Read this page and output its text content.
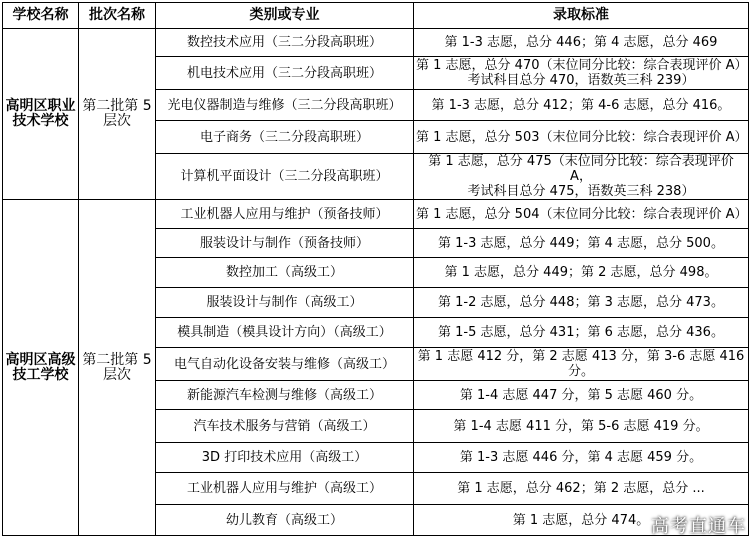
学校名称	批次名称	类别或专业	录取标准
高明区职业技术学校	第二批第 5 层次	数控技术应用（三二分段高职班）	第 1-3 志愿，总分 446；第 4 志愿，总分 469

		机电技术应用（三二分段高职班）	第 1 志愿，总分 470（末位同分比较：综合表现评价 A）
考试科目总分 470，语数英三科 239）

		光电仪器制造与维修（三二分段高职班）	第 1-3 志愿，总分 412；第 4-6 志愿，总分 416。

		电子商务（三二分段高职班）	第 1 志愿，总分 503（末位同分比较：综合表现评价 A）

		计算机平面设计（三二分段高职班）	第 1 志愿，总分 475（末位同分比较：综合表现评价 A，
考试科目总分 475，语数英三科 238）

高明区高级技工学校	第二批第 5 层次	工业机器人应用与维护（预备技师）	第 1 志愿，总分 504（末位同分比较：综合表现评价 A）

		服装设计与制作（预备技师）	第 1-3 志愿，总分 449；第 4 志愿，总分 500。

		数控加工（高级工）	第 1 志愿，总分 449；第 2 志愿，总分 498。

		服装设计与制作（高级工）	第 1-2 志愿，总分 448；第 3 志愿，总分 473。

		模具制造（模具设计方向）（高级工）	第 1-5 志愿，总分 431；第 6 志愿，总分 436。

		电气自动化设备安装与维修（高级工）	第 1 志愿 412 分，第 2 志愿 413 分，第 3-6 志愿 416 分。

		新能源汽车检测与维修（高级工）	第 1-4 志愿 447 分，第 5 志愿 460 分。

		汽车技术服务与营销（高级工）	第 1-4 志愿 411 分，第 5-6 志愿 419 分。

		3D 打印技术应用（高级工）	第 1-3 志愿 446 分，第 4 志愿 459 分。

		工业机器人应用与维护（高级工）	第 1 志愿，总分 462；第 2 志愿，总分 ...

		幼儿教育（高级工）	第 1 志愿，总分 474。 高考直通车
